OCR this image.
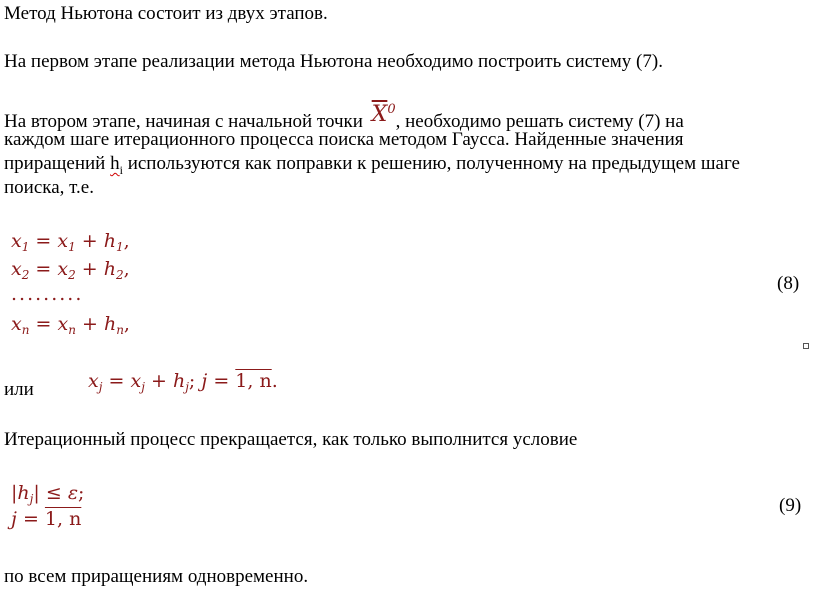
Метод Ньютона состоит из двух этапов.
На первом этапе реализации метода Ньютона необходимо построить систему (7).
На втором этапе, начиная с начальной точки $\overline{X}^0$, необходимо решать систему (7) на
каждом шаге итерационного процесса поиска методом Гаусса. Найденные значения
приращений $h_i$ используются как поправки к решению, полученному на предыдущем шаге
поиска, т.е.
$x_1 = x_1 + h_1$,
$x_2 = x_2 + h_2$,
.........
$x_n = x_n + h_n$,
(8)
или	$x_j = x_j + h_j$; j = 1, n.
Итерационный процесс прекращается, как только выполнится условие
$|h_j| \le \varepsilon$;
j = 1, n
(9)
по всем приращениям одновременно.
